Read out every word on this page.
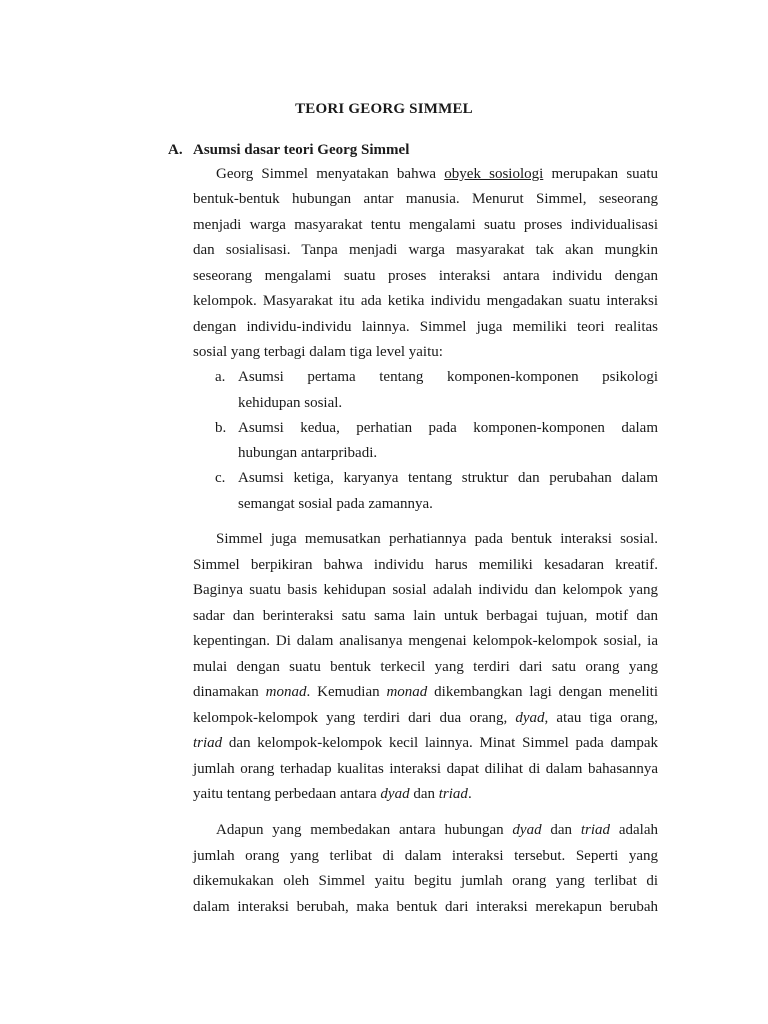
TEORI GEORG SIMMEL
A. Asumsi dasar teori Georg Simmel
Georg Simmel menyatakan bahwa obyek sosiologi merupakan suatu
bentuk-bentuk hubungan antar manusia. Menurut Simmel, seseorang
menjadi warga masyarakat tentu mengalami suatu proses individualisasi
dan sosialisasi. Tanpa menjadi warga masyarakat tak akan mungkin
seseorang mengalami suatu proses interaksi antara individu dengan
kelompok. Masyarakat itu ada ketika individu mengadakan suatu interaksi
dengan individu-individu lainnya. Simmel juga memiliki teori realitas
sosial yang terbagi dalam tiga level yaitu:
a. Asumsi pertama tentang komponen-komponen psikologi
kehidupan sosial.
b. Asumsi kedua, perhatian pada komponen-komponen dalam
hubungan antarpribadi.
c. Asumsi ketiga, karyanya tentang struktur dan perubahan dalam
semangat sosial pada zamannya.
Simmel juga memusatkan perhatiannya pada bentuk interaksi sosial.
Simmel berpikiran bahwa individu harus memiliki kesadaran kreatif.
Baginya suatu basis kehidupan sosial adalah individu dan kelompok yang
sadar dan berinteraksi satu sama lain untuk berbagai tujuan, motif dan
kepentingan. Di dalam analisanya mengenai kelompok-kelompok sosial, ia
mulai dengan suatu bentuk terkecil yang terdiri dari satu orang yang
dinamakan monad. Kemudian monad dikembangkan lagi dengan meneliti
kelompok-kelompok yang terdiri dari dua orang, dyad, atau tiga orang,
triad dan kelompok-kelompok kecil lainnya. Minat Simmel pada dampak
jumlah orang terhadap kualitas interaksi dapat dilihat di dalam bahasannya
yaitu tentang perbedaan antara dyad dan triad.
Adapun yang membedakan antara hubungan dyad dan triad adalah
jumlah orang yang terlibat di dalam interaksi tersebut. Seperti yang
dikemukakan oleh Simmel yaitu begitu jumlah orang yang terlibat di
dalam interaksi berubah, maka bentuk dari interaksi merekapun berubah
